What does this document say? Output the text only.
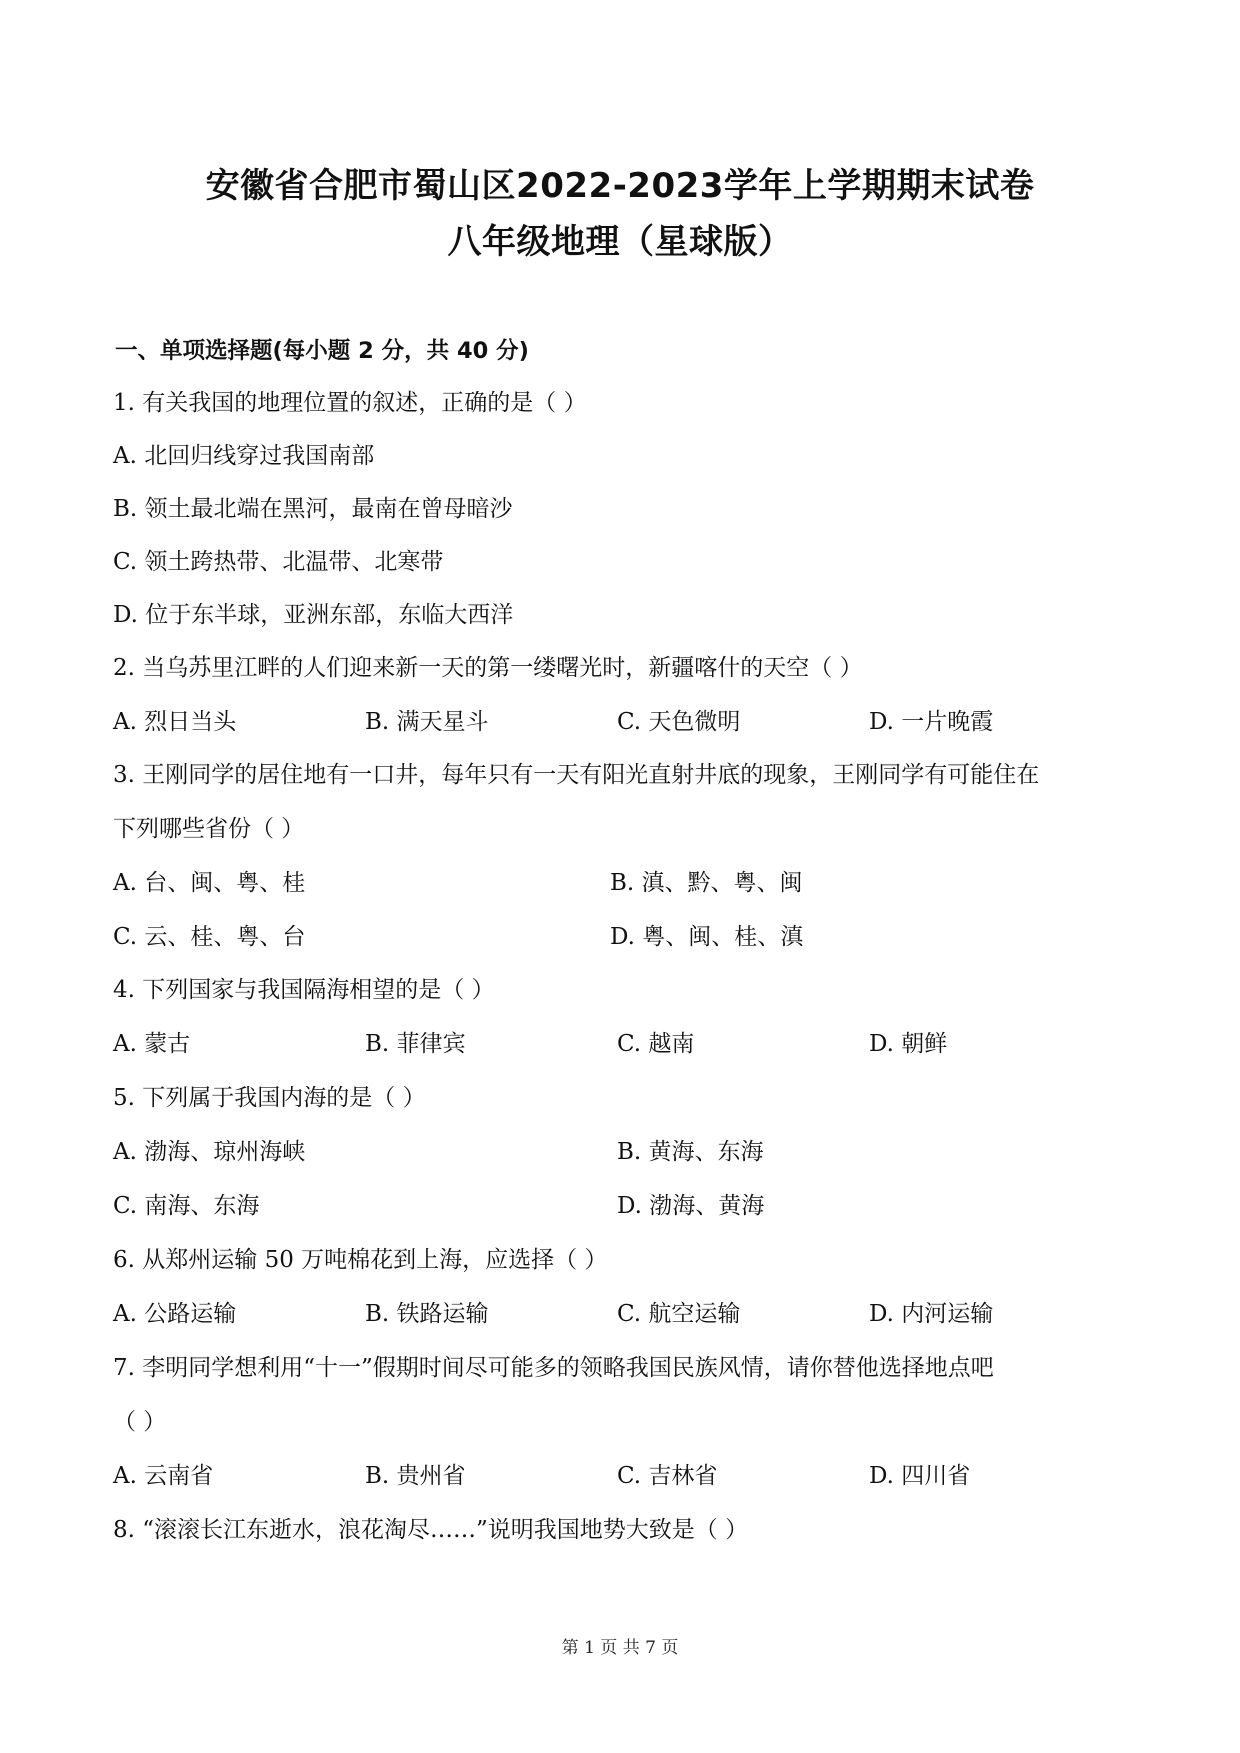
安徽省合肥市蜀山区2022-2023学年上学期期末试卷
八年级地理（星球版）
一、单项选择题(每小题 2 分，共 40 分)
1. 有关我国的地理位置的叙述，正确的是（ ）
A. 北回归线穿过我国南部
B. 领土最北端在黑河，最南在曾母暗沙
C. 领土跨热带、北温带、北寒带
D. 位于东半球，亚洲东部，东临大西洋
2. 当乌苏里江畔的人们迎来新一天的第一缕曙光时，新疆喀什的天空（ ）
A. 烈日当头	B. 满天星斗	C. 天色微明	D. 一片晚霞
3. 王刚同学的居住地有一口井，每年只有一天有阳光直射井底的现象，王刚同学有可能住在
下列哪些省份（ ）
A. 台、闽、粤、桂	B. 滇、黔、粤、闽
C. 云、桂、粤、台	D. 粤、闽、桂、滇
4. 下列国家与我国隔海相望的是（ ）
A. 蒙古	B. 菲律宾	C. 越南	D. 朝鲜
5. 下列属于我国内海的是（ ）
A. 渤海、琼州海峡	B. 黄海、东海
C. 南海、东海	D. 渤海、黄海
6. 从郑州运输 50 万吨棉花到上海，应选择（ ）
A. 公路运输	B. 铁路运输	C. 航空运输	D. 内河运输
7. 李明同学想利用“十一”假期时间尽可能多的领略我国民族风情，请你替他选择地点吧
（ ）
A. 云南省	B. 贵州省	C. 吉林省	D. 四川省
8. “滚滚长江东逝水，浪花淘尽……”说明我国地势大致是（ ）
第 1 页 共 7 页
